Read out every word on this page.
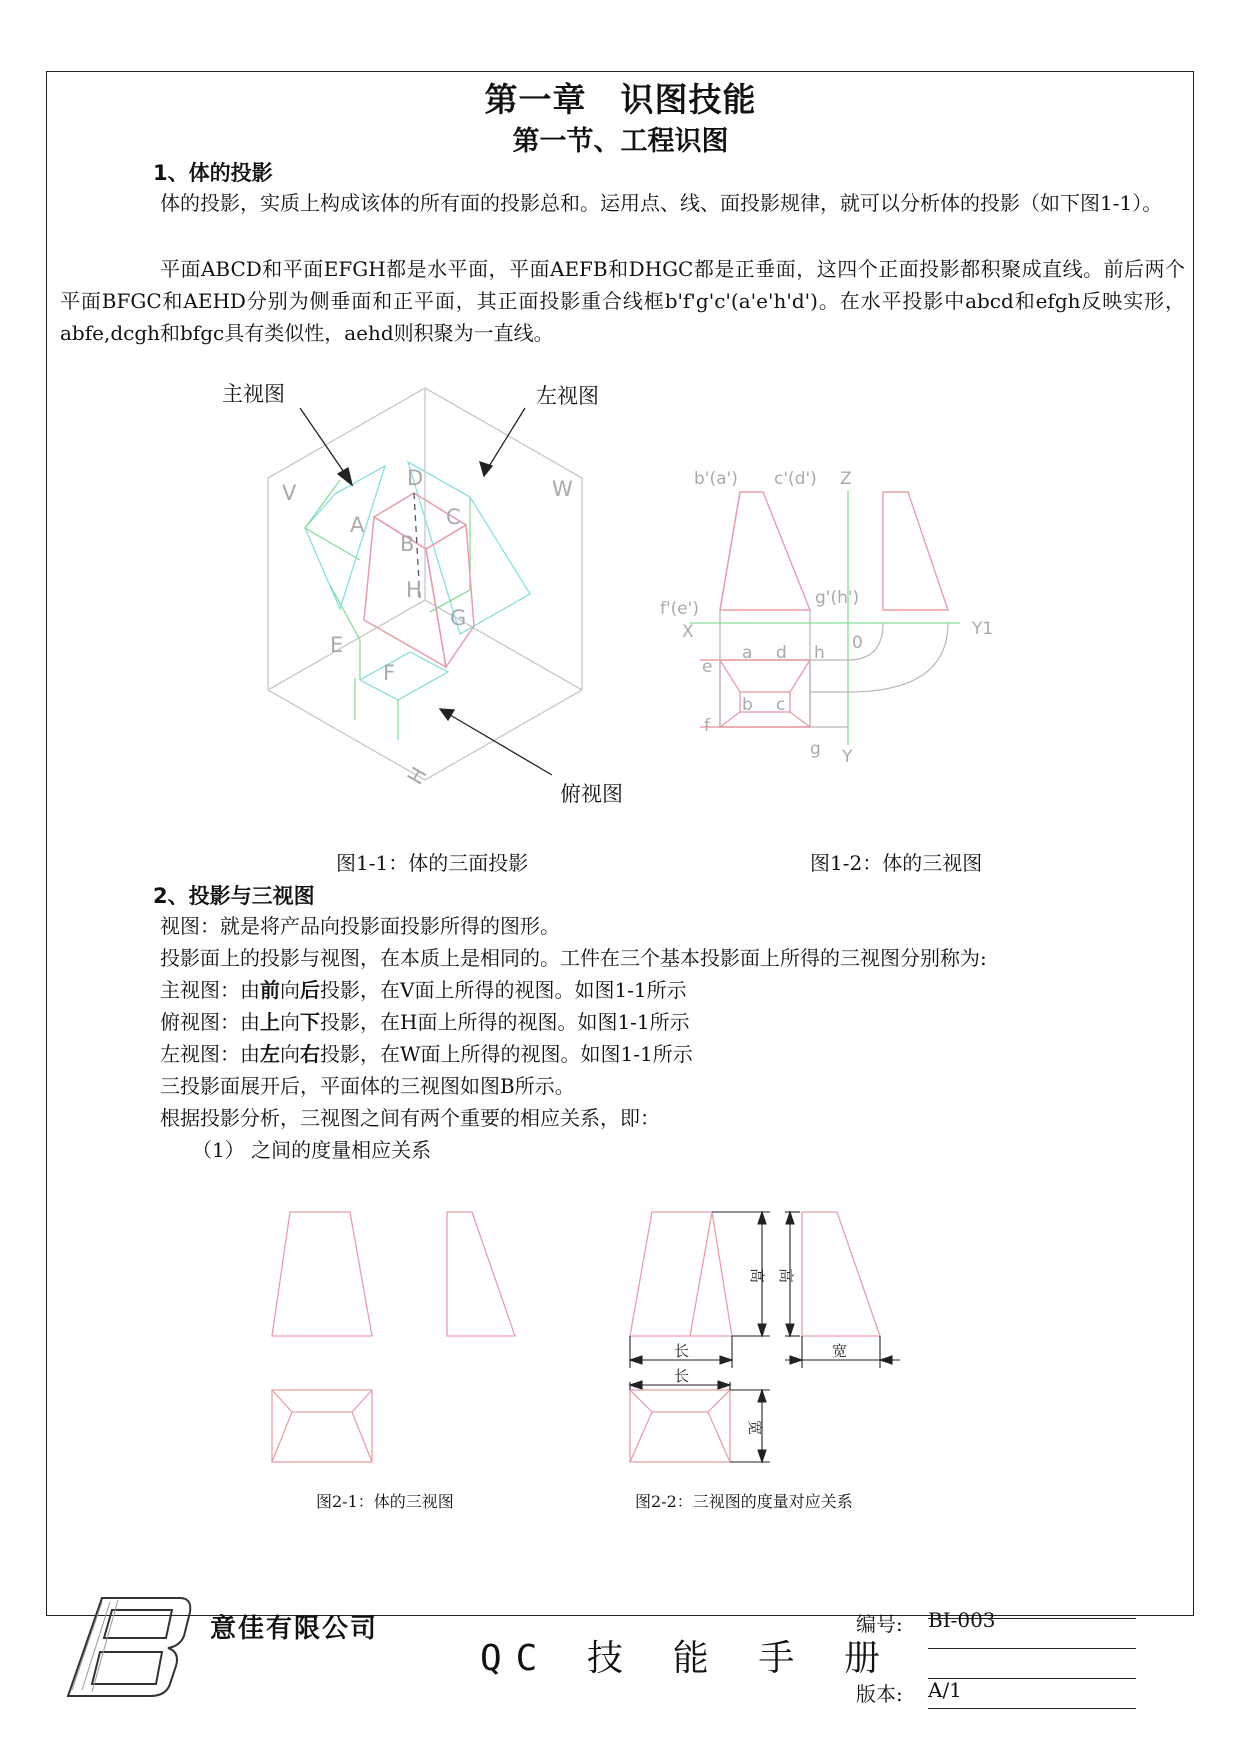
第一章　识图技能
第一节、工程识图
1、体的投影
体的投影，实质上构成该体的所有面的投影总和。运用点、线、面投影规律，就可以分析体的投影（如下图1-1）。
平面ABCD和平面EFGH都是水平面，平面AEFB和DHGC都是正垂面，这四个正面投影都积聚成直线。前后两个平面BFGC和AEHD分别为侧垂面和正平面，其正面投影重合线框b'f'g'c'(a'e'h'd')。在水平投影中abcd和efgh反映实形，abfe,dcgh和bfgc具有类似性，aehd则积聚为一直线。
V	W
D
A	C
B
H
G
E
F
H
主视图	左视图
俯视图
b'(a') c'(d') Z
g'(h')
f'(e')
X	Y1
a d h 0
e
b c
f
g Y
图1-1：体的三面投影	图1-2：体的三视图
2、投影与三视图
视图：就是将产品向投影面投影所得的图形。
投影面上的投影与视图，在本质上是相同的。工件在三个基本投影面上所得的三视图分别称为:
主视图：由前向后投影，在V面上所得的视图。如图1-1所示
俯视图：由上向下投影，在H面上所得的视图。如图1-1所示
左视图：由左向右投影，在W面上所得的视图。如图1-1所示
三投影面展开后，平面体的三视图如图B所示。
根据投影分析，三视图之间有两个重要的相应关系，即：
（1） 之间的度量相应关系
高 高
长
长
宽
宽
图2-1：体的三视图	图2-2：三视图的度量对应关系
意佳有限公司
QC 技 能 手 册
编号: BI-003
版本: A/1
